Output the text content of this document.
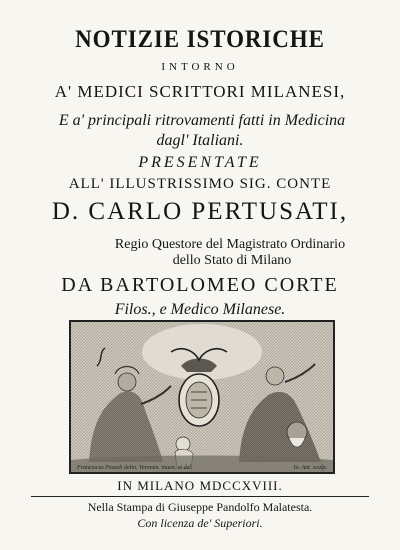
NOTIZIE ISTORICHE
INTORNO
A' MEDICI SCRITTORI MILANESI,
E a' principali ritrovamenti fatti in Medicina
dagl' Italiani.
PRESENTATE
ALL' ILLUSTRISSIMO SIG. CONTE
D. CARLO PERTUSATI,
Regio Questore del Magistrato Ordinario
dello Stato di Milano
DA BARTOLOMEO CORTE
Filos., e Medico Milanese.
Franciscus Pezzoli delin. Veronen. inuen. et del.	Io. Ant. sculp.
IN MILANO MDCCXVIII.
Nella Stampa di Giuseppe Pandolfo Malatesta.
Con licenza de' Superiori.
